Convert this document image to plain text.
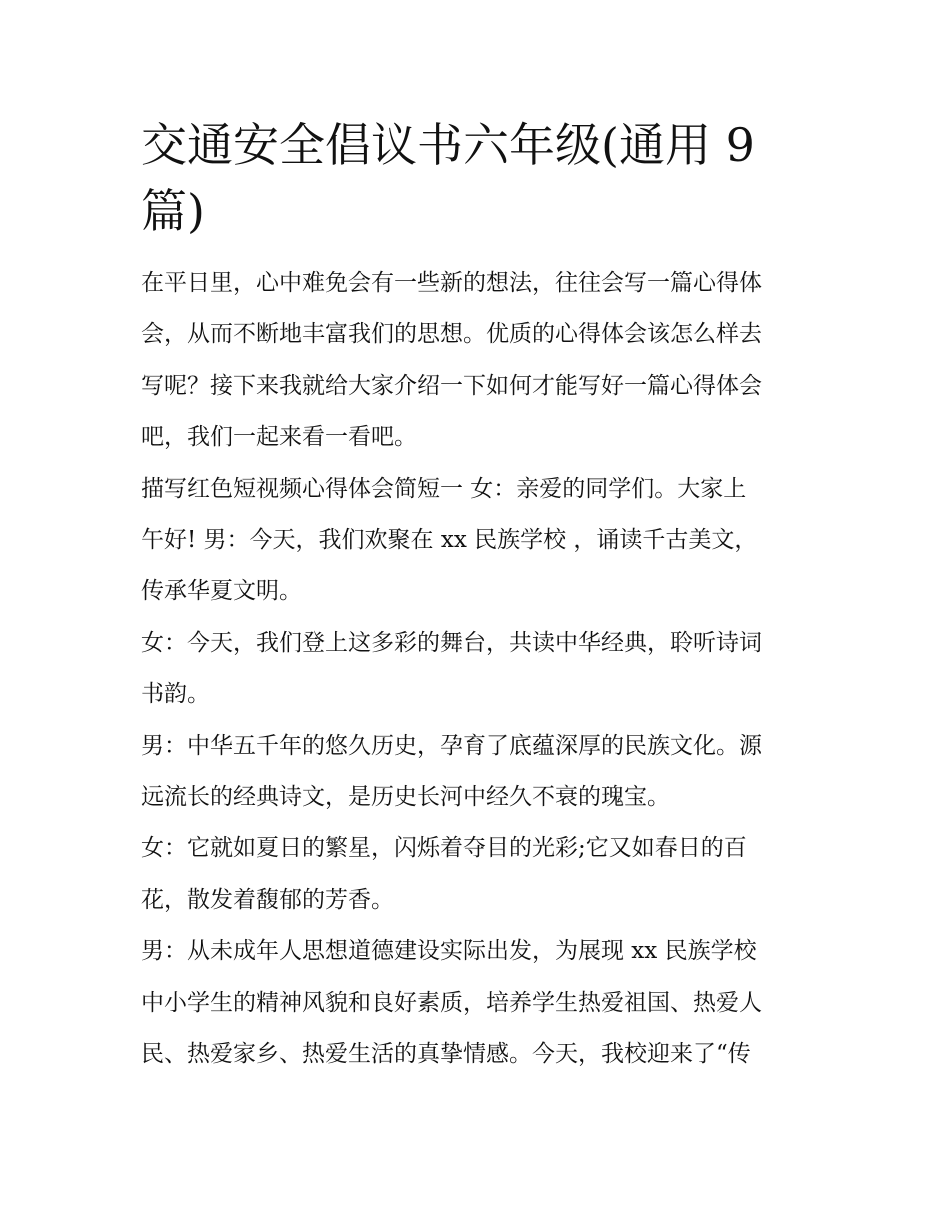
交通安全倡议书六年级(通用 9
篇)

在平日里，心中难免会有一些新的想法，往往会写一篇心得体
会，从而不断地丰富我们的思想。优质的心得体会该怎么样去
写呢？接下来我就给大家介绍一下如何才能写好一篇心得体会
吧，我们一起来看一看吧。

描写红色短视频心得体会简短一 女：亲爱的同学们。大家上
午好! 男：今天，我们欢聚在 xx 民族学校 ，诵读千古美文，
传承华夏文明。

女：今天，我们登上这多彩的舞台，共读中华经典，聆听诗词
书韵。

男：中华五千年的悠久历史，孕育了底蕴深厚的民族文化。源
远流长的经典诗文，是历史长河中经久不衰的瑰宝。

女：它就如夏日的繁星，闪烁着夺目的光彩;它又如春日的百
花，散发着馥郁的芳香。

男：从未成年人思想道德建设实际出发，为展现 xx 民族学校
中小学生的精神风貌和良好素质，培养学生热爱祖国、热爱人
民、热爱家乡、热爱生活的真挚情感。今天，我校迎来了“传
